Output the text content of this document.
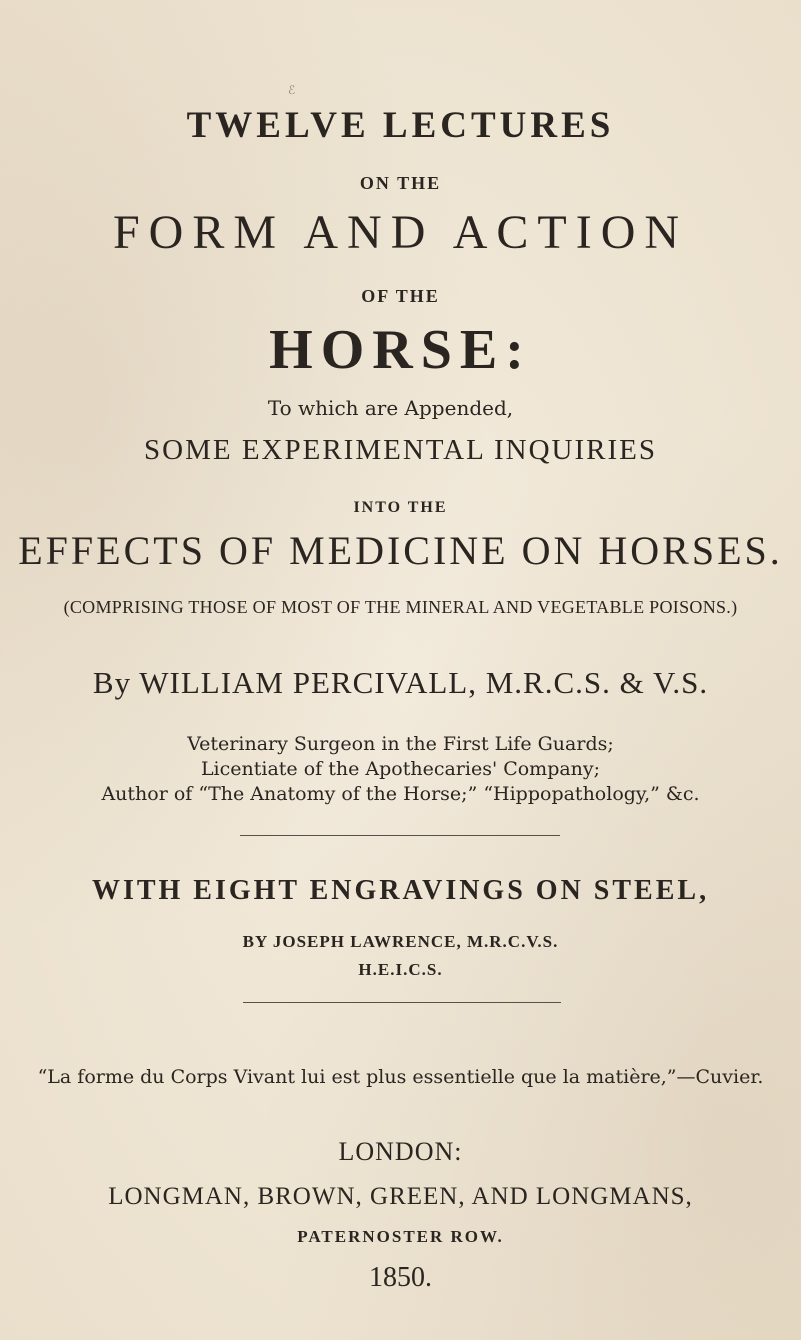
ℰ
TWELVE LECTURES
ON THE
FORM AND ACTION
OF THE
HORSE:
To which are Appended,
SOME EXPERIMENTAL INQUIRIES
INTO THE
EFFECTS OF MEDICINE ON HORSES.
(COMPRISING THOSE OF MOST OF THE MINERAL AND VEGETABLE POISONS.)
By WILLIAM PERCIVALL, M.R.C.S. & V.S.
Veterinary Surgeon in the First Life Guards;
Licentiate of the Apothecaries' Company;
Author of “The Anatomy of the Horse;” “Hippopathology,” &c.
WITH EIGHT ENGRAVINGS ON STEEL,
BY JOSEPH LAWRENCE, M.R.C.V.S.
H.E.I.C.S.
“La forme du Corps Vivant lui est plus essentielle que la matière,”—Cuvier.
LONDON:
LONGMAN, BROWN, GREEN, AND LONGMANS,
PATERNOSTER ROW.
1850.
